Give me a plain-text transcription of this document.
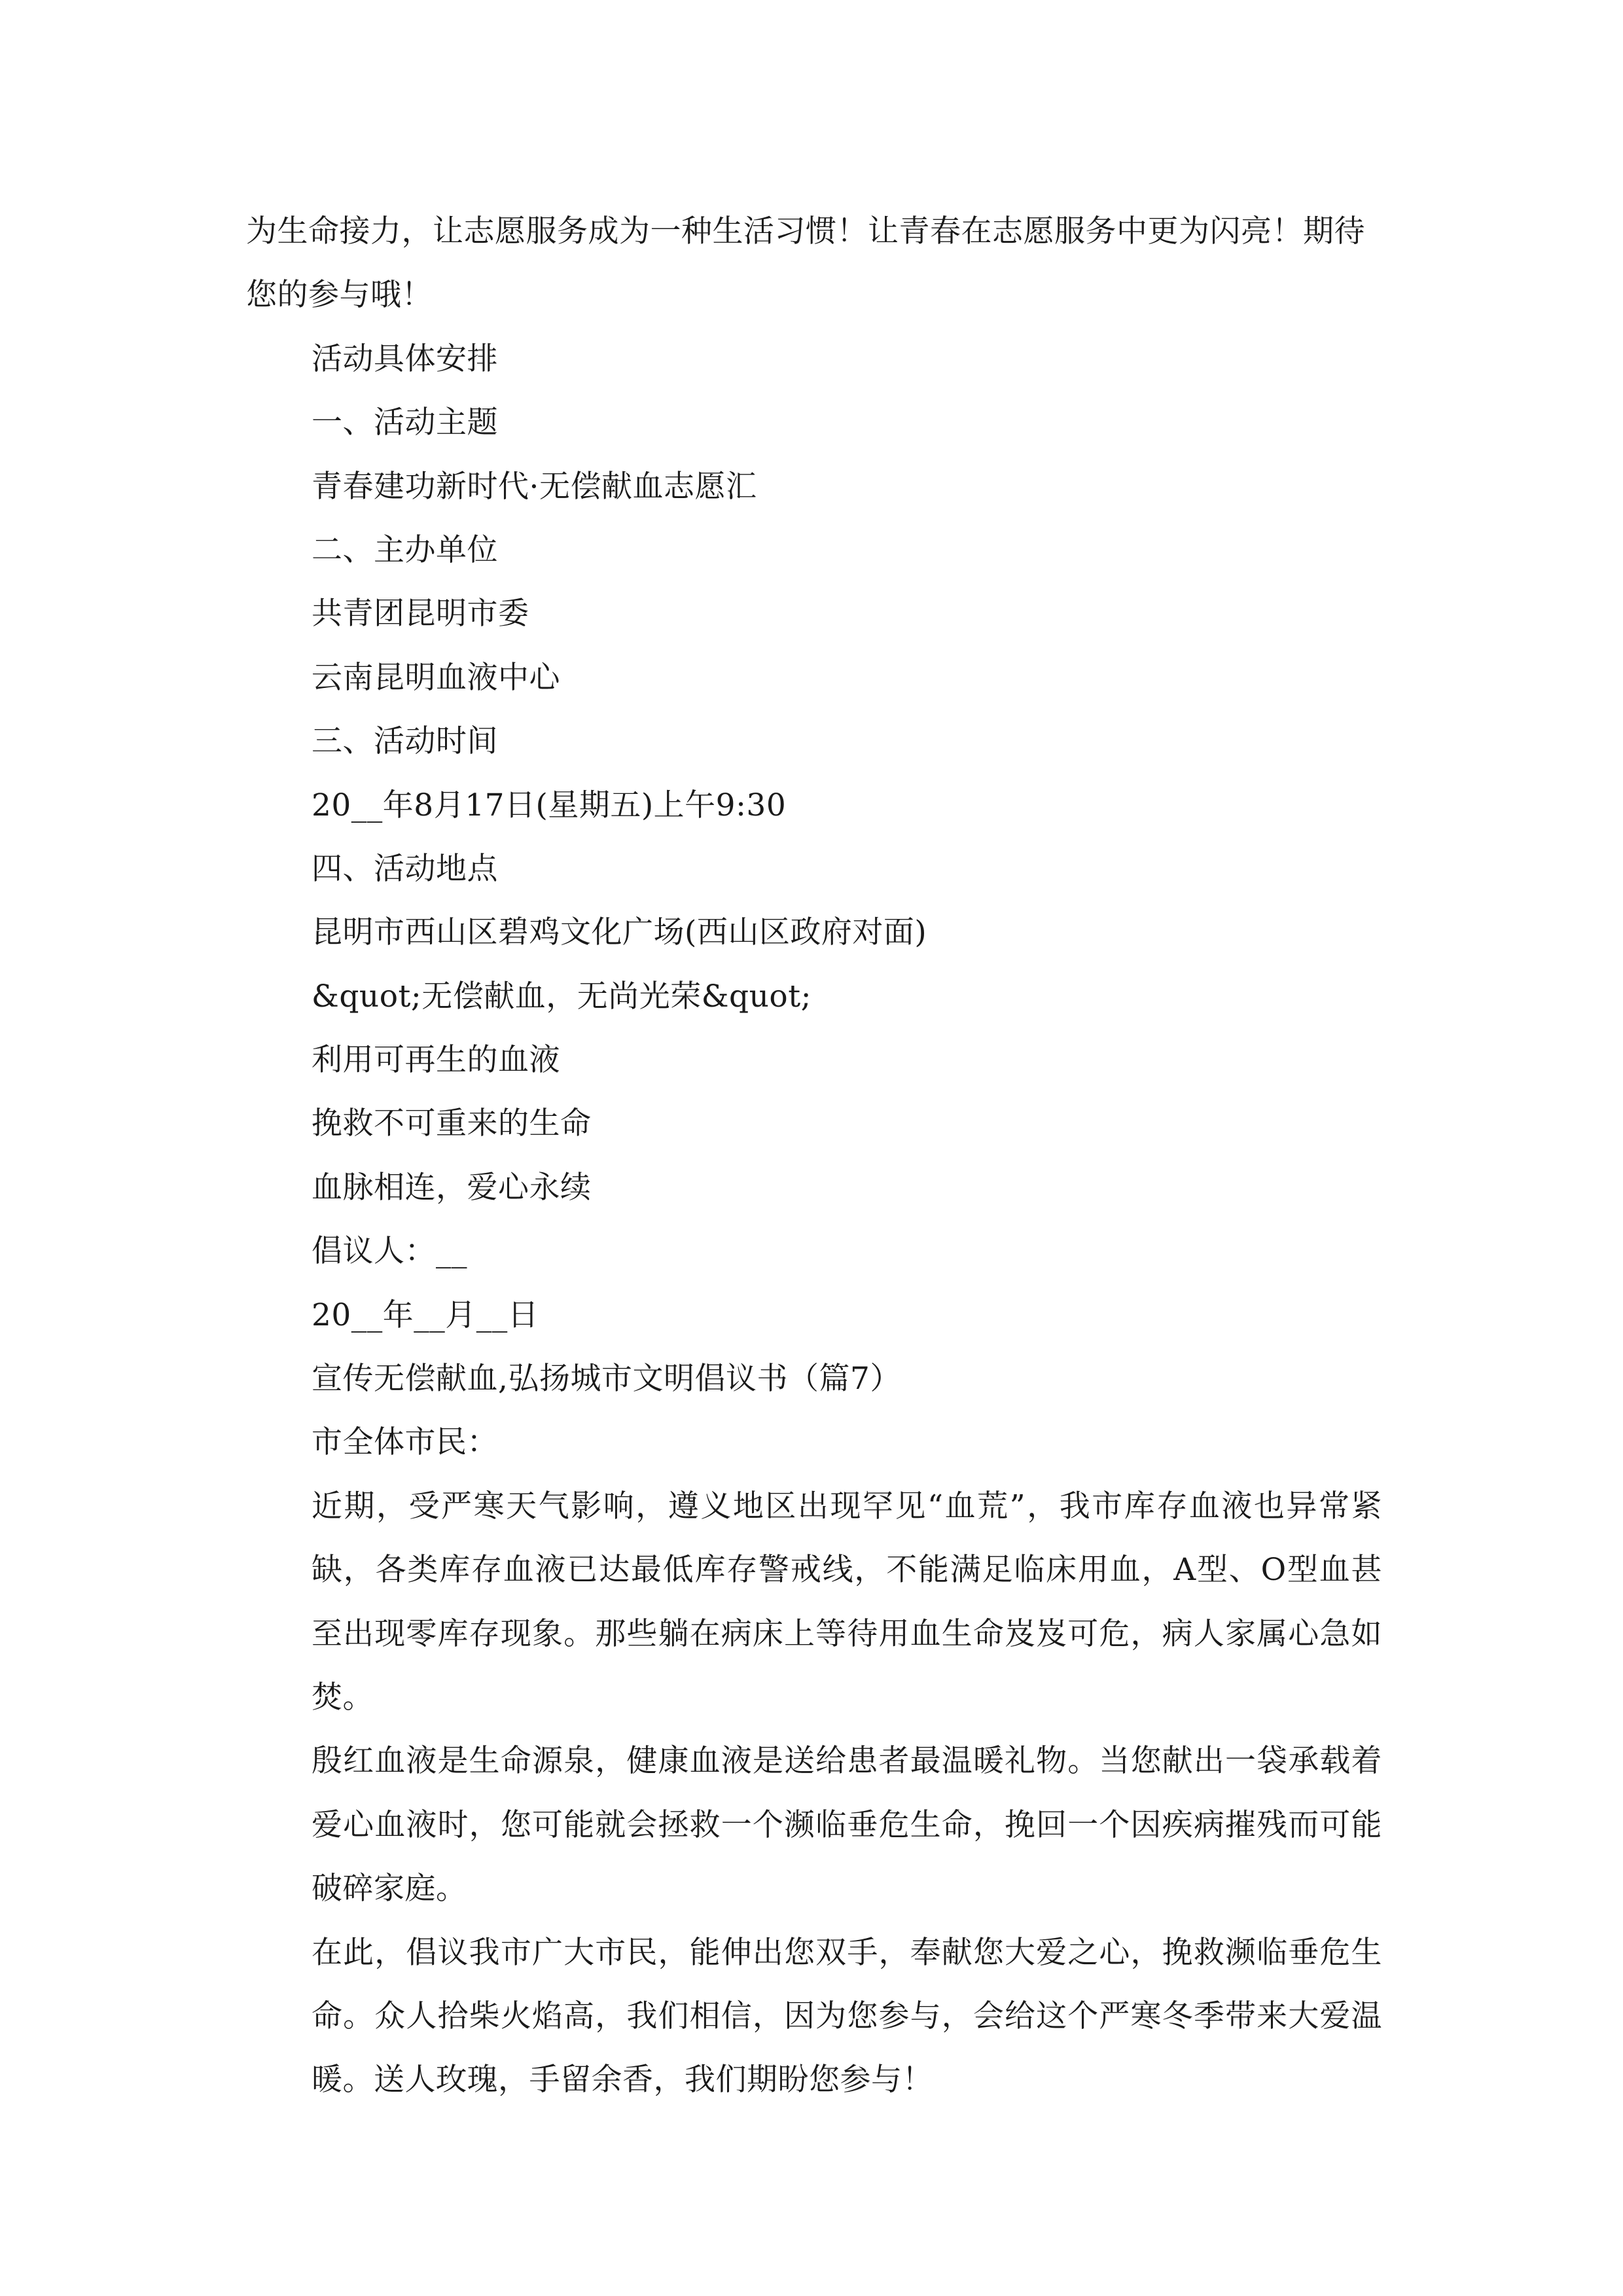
为生命接力，让志愿服务成为一种生活习惯！让青春在志愿服务中更为闪亮！期待
您的参与哦！
活动具体安排
一、活动主题
青春建功新时代·无偿献血志愿汇
二、主办单位
共青团昆明市委
云南昆明血液中心
三、活动时间
20__年8月17日(星期五)上午9:30
四、活动地点
昆明市西山区碧鸡文化广场(西山区政府对面)
&quot;无偿献血，无尚光荣&quot;
利用可再生的血液
挽救不可重来的生命
血脉相连，爱心永续
倡议人：__
20__年__月__日
宣传无偿献血,弘扬城市文明倡议书（篇7）
市全体市民：
近期，受严寒天气影响，遵义地区出现罕见“血荒”，我市库存血液也异常紧缺，各类库存血液已达最低库存警戒线，不能满足临床用血，A型、O型血甚至出现零库存现象。那些躺在病床上等待用血生命岌岌可危，病人家属心急如焚。
殷红血液是生命源泉，健康血液是送给患者最温暖礼物。当您献出一袋承载着爱心血液时，您可能就会拯救一个濒临垂危生命，挽回一个因疾病摧残而可能破碎家庭。
在此，倡议我市广大市民，能伸出您双手，奉献您大爱之心，挽救濒临垂危生命。众人拾柴火焰高，我们相信，因为您参与，会给这个严寒冬季带来大爱温暖。送人玫瑰，手留余香，我们期盼您参与！
